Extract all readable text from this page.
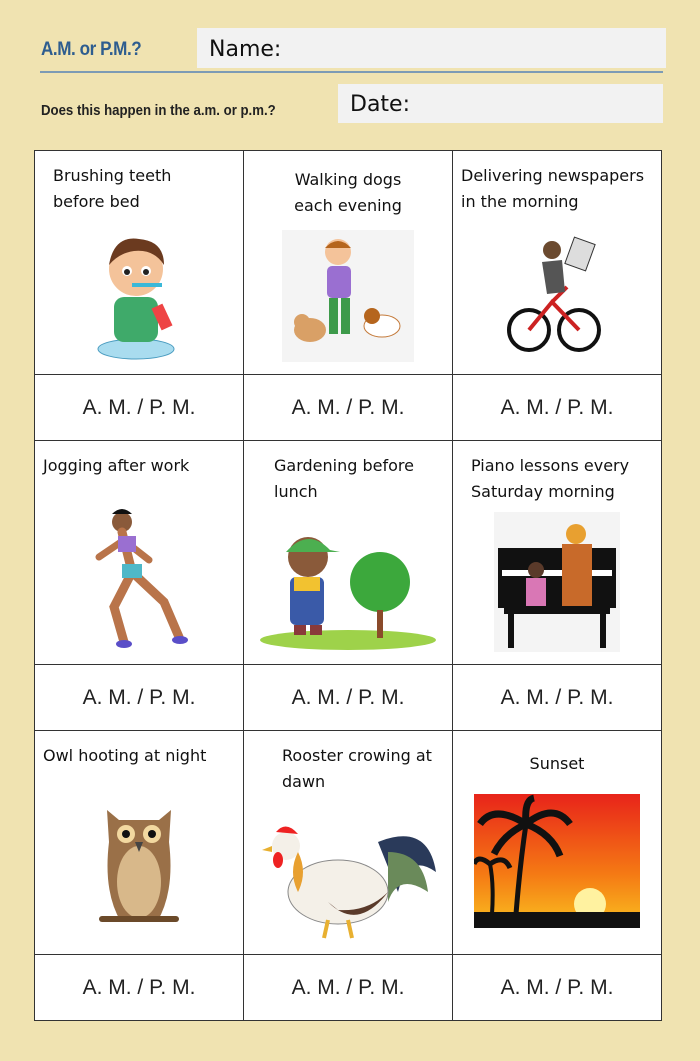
A.M. or P.M.?	Name:
Does this happen in the a.m. or p.m.?	Date:
Brushing teeth before bed	Walking dogs each evening	Delivering newspapers in the morning

A. M. / P. M.	A. M. / P. M.	A. M. / P. M.

Jogging after work	Gardening before lunch	Piano lessons every Saturday morning

A. M. / P. M.	A. M. / P. M.	A. M. / P. M.

Owl hooting at night	Rooster crowing at dawn	Sunset

A. M. / P. M.	A. M. / P. M.	A. M. / P. M.
